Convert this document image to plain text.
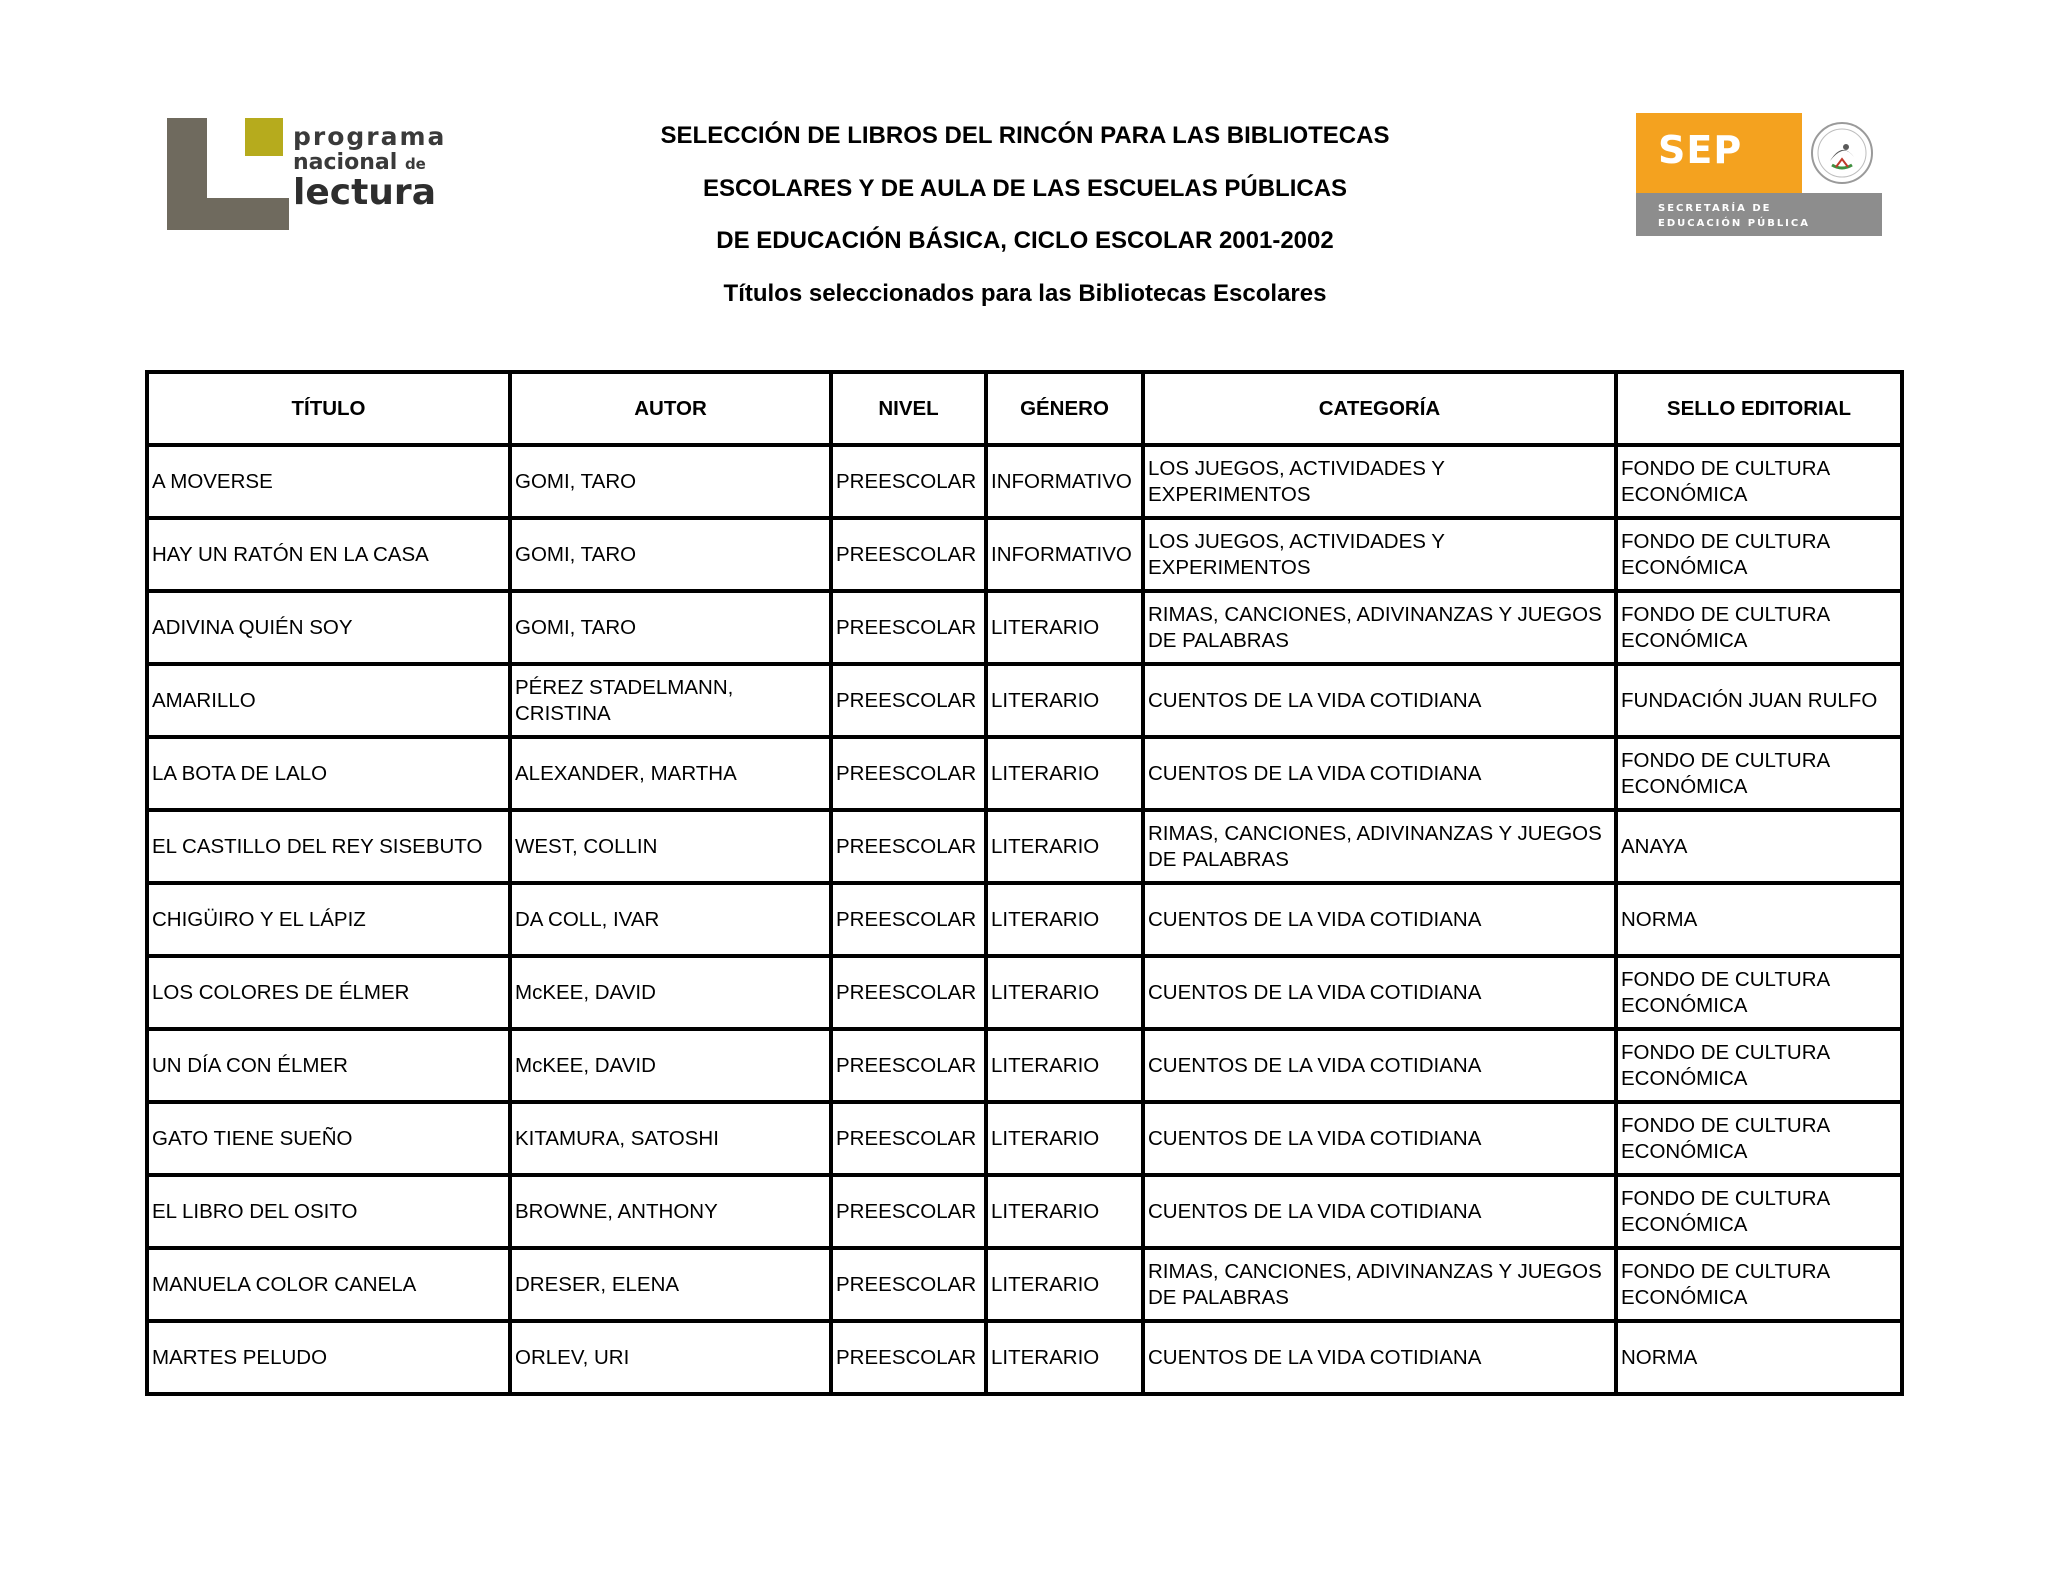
programa
nacional de
lectura
SELECCIÓN DE LIBROS DEL RINCÓN PARA LAS BIBLIOTECAS
ESCOLARES Y DE AULA DE LAS ESCUELAS PÚBLICAS
DE EDUCACIÓN BÁSICA, CICLO ESCOLAR 2001-2002
Títulos seleccionados para las Bibliotecas Escolares
SEP
SECRETARÍA DE
EDUCACIÓN PÚBLICA
TÍTULO	AUTOR	NIVEL	GÉNERO	CATEGORÍA	SELLO EDITORIAL
A MOVERSE	GOMI, TARO	PREESCOLAR	INFORMATIVO	LOS JUEGOS, ACTIVIDADES Y EXPERIMENTOS	FONDO DE CULTURA ECONÓMICA
HAY UN RATÓN EN LA CASA	GOMI, TARO	PREESCOLAR	INFORMATIVO	LOS JUEGOS, ACTIVIDADES Y EXPERIMENTOS	FONDO DE CULTURA ECONÓMICA
ADIVINA QUIÉN SOY	GOMI, TARO	PREESCOLAR	LITERARIO	RIMAS, CANCIONES, ADIVINANZAS Y JUEGOS DE PALABRAS	FONDO DE CULTURA ECONÓMICA
AMARILLO	PÉREZ STADELMANN, CRISTINA	PREESCOLAR	LITERARIO	CUENTOS DE LA VIDA COTIDIANA	FUNDACIÓN JUAN RULFO
LA BOTA DE LALO	ALEXANDER, MARTHA	PREESCOLAR	LITERARIO	CUENTOS DE LA VIDA COTIDIANA	FONDO DE CULTURA ECONÓMICA
EL CASTILLO DEL REY SISEBUTO	WEST, COLLIN	PREESCOLAR	LITERARIO	RIMAS, CANCIONES, ADIVINANZAS Y JUEGOS DE PALABRAS	ANAYA
CHIGÜIRO Y EL LÁPIZ	DA COLL, IVAR	PREESCOLAR	LITERARIO	CUENTOS DE LA VIDA COTIDIANA	NORMA
LOS COLORES DE ÉLMER	McKEE, DAVID	PREESCOLAR	LITERARIO	CUENTOS DE LA VIDA COTIDIANA	FONDO DE CULTURA ECONÓMICA
UN DÍA CON ÉLMER	McKEE, DAVID	PREESCOLAR	LITERARIO	CUENTOS DE LA VIDA COTIDIANA	FONDO DE CULTURA ECONÓMICA
GATO TIENE SUEÑO	KITAMURA, SATOSHI	PREESCOLAR	LITERARIO	CUENTOS DE LA VIDA COTIDIANA	FONDO DE CULTURA ECONÓMICA
EL LIBRO DEL OSITO	BROWNE, ANTHONY	PREESCOLAR	LITERARIO	CUENTOS DE LA VIDA COTIDIANA	FONDO DE CULTURA ECONÓMICA
MANUELA COLOR CANELA	DRESER, ELENA	PREESCOLAR	LITERARIO	RIMAS, CANCIONES, ADIVINANZAS Y JUEGOS DE PALABRAS	FONDO DE CULTURA ECONÓMICA
MARTES PELUDO	ORLEV, URI	PREESCOLAR	LITERARIO	CUENTOS DE LA VIDA COTIDIANA	NORMA
